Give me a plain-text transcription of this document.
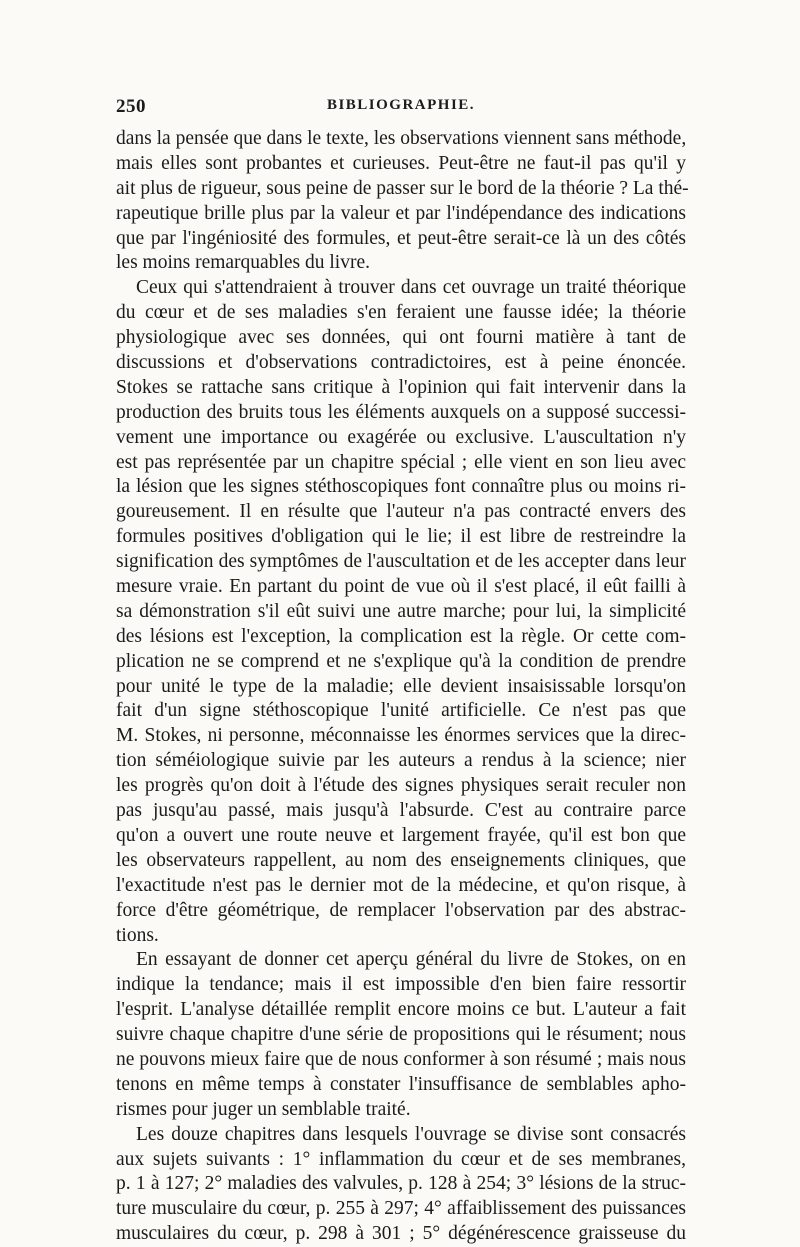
250	BIBLIOGRAPHIE.
dans la pensée que dans le texte, les observations viennent sans méthode,
mais elles sont probantes et curieuses. Peut-être ne faut-il pas qu'il y
ait plus de rigueur, sous peine de passer sur le bord de la théorie ? La thé-
rapeutique brille plus par la valeur et par l'indépendance des indications
que par l'ingéniosité des formules, et peut-être serait-ce là un des côtés
les moins remarquables du livre.
Ceux qui s'attendraient à trouver dans cet ouvrage un traité théorique
du cœur et de ses maladies s'en feraient une fausse idée; la théorie
physiologique avec ses données, qui ont fourni matière à tant de
discussions et d'observations contradictoires, est à peine énoncée.
Stokes se rattache sans critique à l'opinion qui fait intervenir dans la
production des bruits tous les éléments auxquels on a supposé successi-
vement une importance ou exagérée ou exclusive. L'auscultation n'y
est pas représentée par un chapitre spécial ; elle vient en son lieu avec
la lésion que les signes stéthoscopiques font connaître plus ou moins ri-
goureusement. Il en résulte que l'auteur n'a pas contracté envers des
formules positives d'obligation qui le lie; il est libre de restreindre la
signification des symptômes de l'auscultation et de les accepter dans leur
mesure vraie. En partant du point de vue où il s'est placé, il eût failli à
sa démonstration s'il eût suivi une autre marche; pour lui, la simplicité
des lésions est l'exception, la complication est la règle. Or cette com-
plication ne se comprend et ne s'explique qu'à la condition de prendre
pour unité le type de la maladie; elle devient insaisissable lorsqu'on
fait d'un signe stéthoscopique l'unité artificielle. Ce n'est pas que
M. Stokes, ni personne, méconnaisse les énormes services que la direc-
tion séméiologique suivie par les auteurs a rendus à la science; nier
les progrès qu'on doit à l'étude des signes physiques serait reculer non
pas jusqu'au passé, mais jusqu'à l'absurde. C'est au contraire parce
qu'on a ouvert une route neuve et largement frayée, qu'il est bon que
les observateurs rappellent, au nom des enseignements cliniques, que
l'exactitude n'est pas le dernier mot de la médecine, et qu'on risque, à
force d'être géométrique, de remplacer l'observation par des abstrac-
tions.
En essayant de donner cet aperçu général du livre de Stokes, on en
indique la tendance; mais il est impossible d'en bien faire ressortir
l'esprit. L'analyse détaillée remplit encore moins ce but. L'auteur a fait
suivre chaque chapitre d'une série de propositions qui le résument; nous
ne pouvons mieux faire que de nous conformer à son résumé ; mais nous
tenons en même temps à constater l'insuffisance de semblables apho-
rismes pour juger un semblable traité.
Les douze chapitres dans lesquels l'ouvrage se divise sont consacrés
aux sujets suivants : 1° inflammation du cœur et de ses membranes,
p. 1 à 127; 2° maladies des valvules, p. 128 à 254; 3° lésions de la struc-
ture musculaire du cœur, p. 255 à 297; 4° affaiblissement des puissances
musculaires du cœur, p. 298 à 301 ; 5° dégénérescence graisseuse du
